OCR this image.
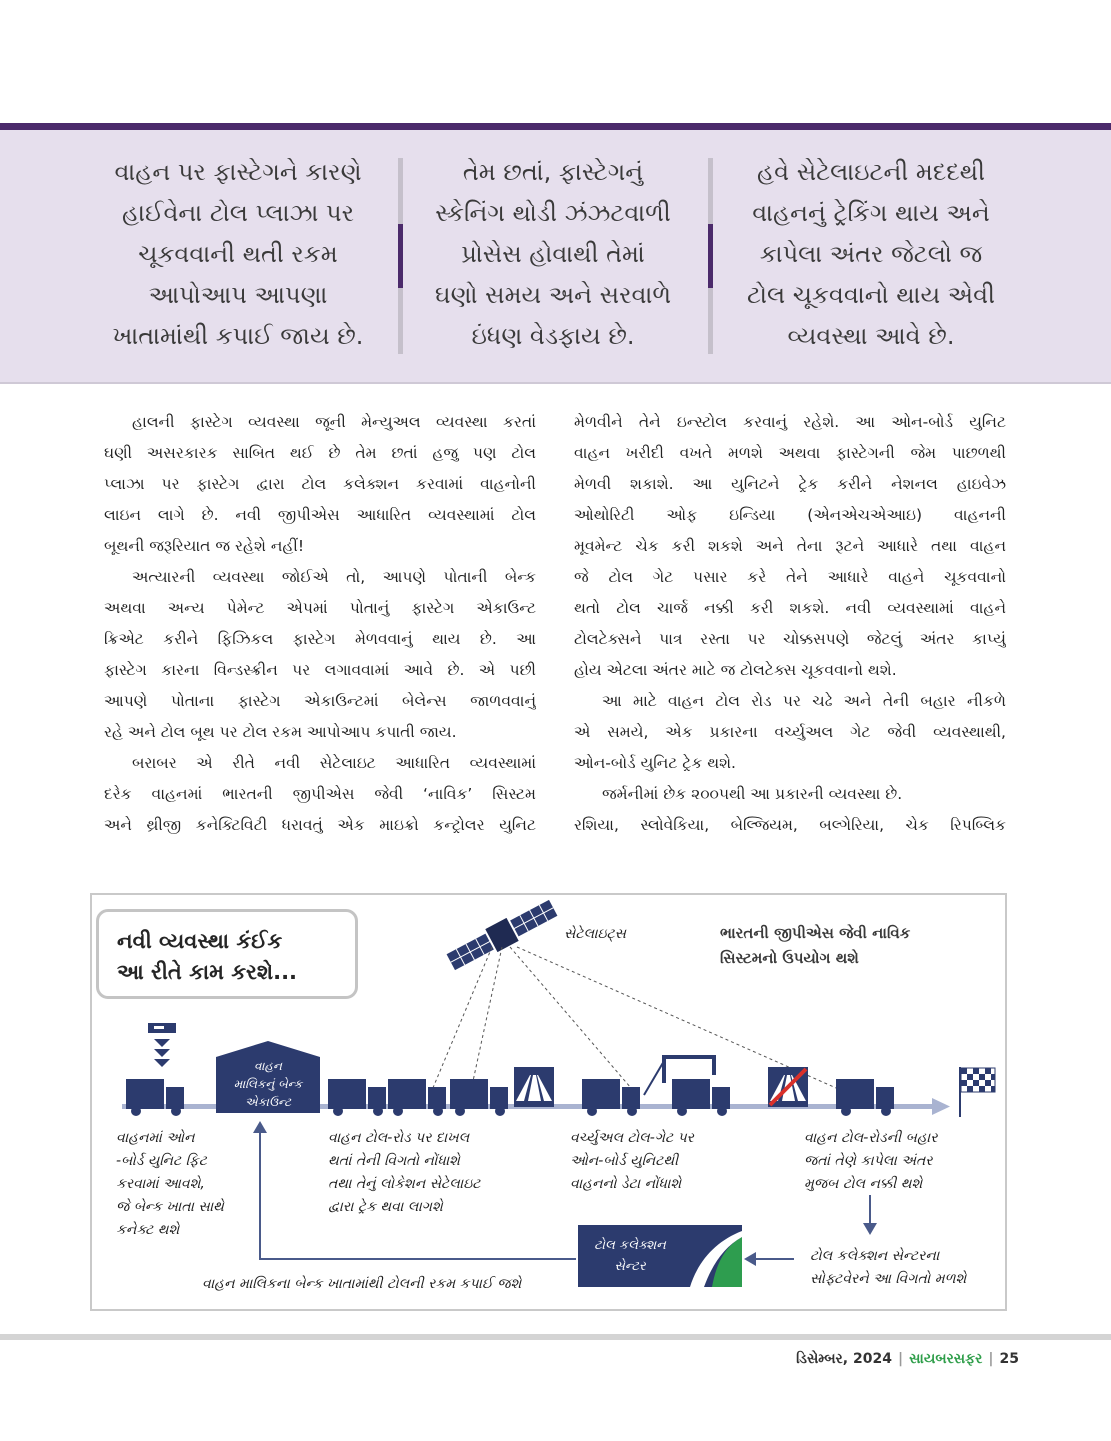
વાહન પર ફાસ્ટેગને કારણે

હાઈવેના ટોલ પ્લાઝા પર

ચૂકવવાની થતી રકમ

આપોઆપ આપણા

ખાતામાંથી કપાઈ જાય છે.

તેમ છતાં, ફાસ્ટેગનું

સ્કેનિંગ થોડી ઝંઝટવાળી

પ્રોસેસ હોવાથી તેમાં

ઘણો સમય અને સરવાળે

ઇંધણ વેડફાય છે.

હવે સેટેલાઇટની મદદથી

વાહનનું ટ્રેકિંગ થાય અને

કાપેલા અંતર જેટલો જ

ટોલ ચૂકવવાનો થાય એવી

વ્યવસ્થા આવે છે.

હાલની ફાસ્ટેગ વ્યવસ્થા જૂની મેન્યુઅલ વ્યવસ્થા કરતાં

ઘણી અસરકારક સાબિત થઈ છે તેમ છતાં હજુ પણ ટોલ

પ્લાઝા પર ફાસ્ટેગ દ્વારા ટોલ કલેક્શન કરવામાં વાહનોની

લાઇન લાગે છે. નવી જીપીએસ આધારિત વ્યવસ્થામાં ટોલ

બૂથની જરૂરિયાત જ રહેશે નહીં!

અત્યારની વ્યવસ્થા જોઈએ તો, આપણે પોતાની બેન્ક

અથવા અન્ય પેમેન્ટ એપમાં પોતાનું ફાસ્ટેગ એકાઉન્ટ

ક્રિએટ કરીને ફિઝિકલ ફાસ્ટેગ મેળવવાનું થાય છે. આ

ફાસ્ટેગ કારના વિન્ડસ્ક્રીન પર લગાવવામાં આવે છે. એ પછી

આપણે પોતાના ફાસ્ટેગ એકાઉન્ટમાં બેલેન્સ જાળવવાનું

રહે અને ટોલ બૂથ પર ટોલ રકમ આપોઆપ કપાતી જાય.

બરાબર એ રીતે નવી સેટેલાઇટ આધારિત વ્યવસ્થામાં

દરેક વાહનમાં ભારતની જીપીએસ જેવી ‘નાવિક’ સિસ્ટમ

અને થ્રીજી કનેક્ટિવિટી ધરાવતું એક માઇક્રો કન્ટ્રોલર યુનિટ

મેળવીને તેને ઇન્સ્ટોલ કરવાનું રહેશે. આ ઓન-બોર્ડ યુનિટ

વાહન ખરીદી વખતે મળશે અથવા ફાસ્ટેગની જેમ પાછળથી

મેળવી શકાશે. આ યુનિટને ટ્રેક કરીને નેશનલ હાઇવેઝ

ઓથોરિટી ઓફ ઇન્ડિયા (એનએચએઆઇ) વાહનની

મૂવમેન્ટ ચેક કરી શકશે અને તેના રૂટને આધારે તથા વાહન

જે ટોલ ગેટ પસાર કરે તેને આધારે વાહને ચૂકવવાનો

થતો ટોલ ચાર્જ નક્કી કરી શકશે. નવી વ્યવસ્થામાં વાહને

ટોલટેક્સને પાત્ર રસ્તા પર ચોક્કસપણે જેટલું અંતર કાપ્યું

હોય એટલા અંતર માટે જ ટોલટેક્સ ચૂકવવાનો થશે.

આ માટે વાહન ટોલ રોડ પર ચઢે અને તેની બહાર નીકળે

એ સમયે, એક પ્રકારના વર્ચ્યુઅલ ગેટ જેવી વ્યવસ્થાથી,

ઓન-બોર્ડ યુનિટ ટ્રેક થશે.

જર્મનીમાં છેક ૨૦૦૫થી આ પ્રકારની વ્યવસ્થા છે.

રશિયા, સ્લોવેકિયા, બેલ્જિયમ, બલ્ગેરિયા, ચેક રિપબ્લિક

નવી વ્યવસ્થા કંઈક
આ રીતે કામ કરશે...
સેટેલાઇટ્સ	ભારતની જીપીએસ જેવી નાવિક
સિસ્ટમનો ઉપયોગ થશે
વાહન
માલિકનું બેન્ક
એકાઉન્ટ
વાહનમાં ઓન
-બોર્ડ યુનિટ ફિટ
કરવામાં આવશે,
જે બેન્ક ખાતા સાથે
કનેક્ટ થશે
વાહન ટોલ-રોડ પર દાખલ
થતાં તેની વિગતો નોંધાશે
તથા તેનું લોકેશન સેટેલાઇટ
દ્વારા ટ્રેક થવા લાગશે
વર્ચ્યુઅલ ટોલ-ગેટ પર
ઓન-બોર્ડ યુનિટથી
વાહનનો ડેટા નોંધાશે
વાહન ટોલ-રોડની બહાર
જતાં તેણે કાપેલા અંતર
મુજબ ટોલ નક્કી થશે
ટોલ કલેક્શન
સેન્ટર
ટોલ કલેક્શન સેન્ટરના
સોફ્ટવેરને આ વિગતો મળશે
વાહન માલિકના બેન્ક ખાતામાંથી ટોલની રકમ કપાઈ જશે
ડિસેમ્બર, 2024 | સાયબરસફર | 25
